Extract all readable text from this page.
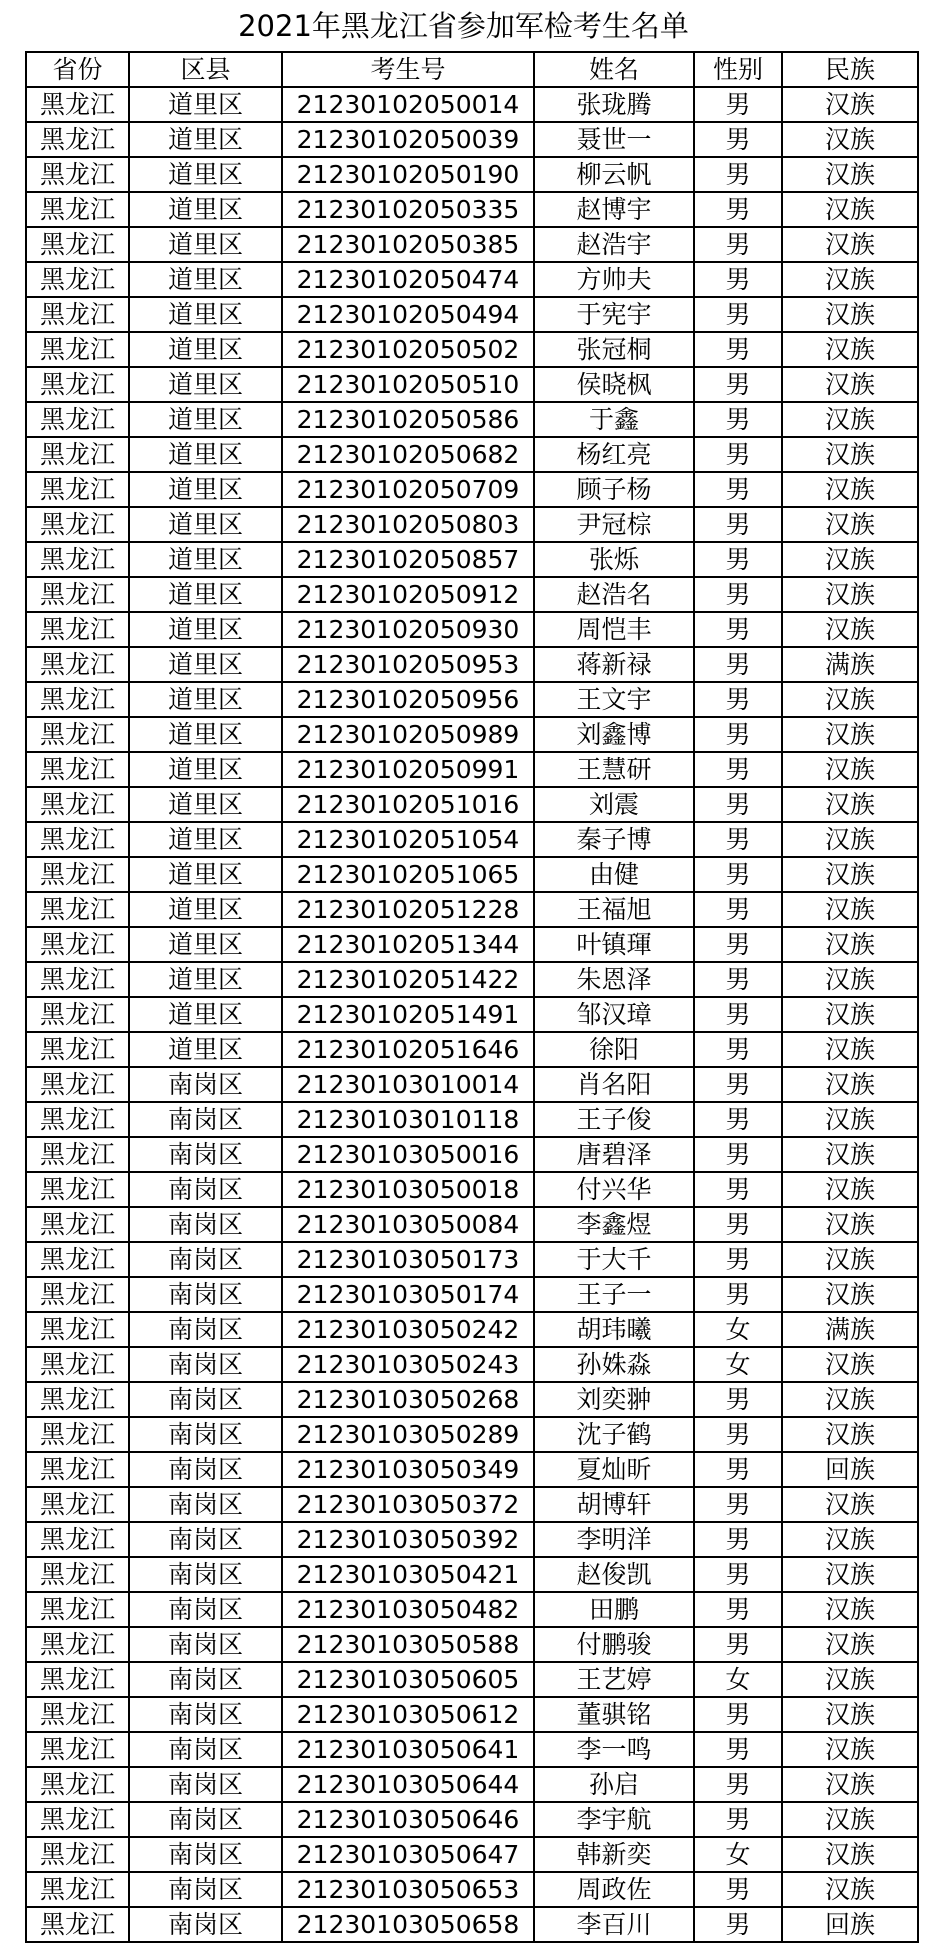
2021年黑龙江省参加军检考生名单
省份	区县	考生号	姓名	性别	民族
黑龙江	道里区	21230102050014	张珑腾	男	汉族
黑龙江	道里区	21230102050039	聂世一	男	汉族
黑龙江	道里区	21230102050190	柳云帆	男	汉族
黑龙江	道里区	21230102050335	赵博宇	男	汉族
黑龙江	道里区	21230102050385	赵浩宇	男	汉族
黑龙江	道里区	21230102050474	方帅夫	男	汉族
黑龙江	道里区	21230102050494	于宪宇	男	汉族
黑龙江	道里区	21230102050502	张冠桐	男	汉族
黑龙江	道里区	21230102050510	侯晓枫	男	汉族
黑龙江	道里区	21230102050586	于鑫	男	汉族
黑龙江	道里区	21230102050682	杨红亮	男	汉族
黑龙江	道里区	21230102050709	顾子杨	男	汉族
黑龙江	道里区	21230102050803	尹冠棕	男	汉族
黑龙江	道里区	21230102050857	张烁	男	汉族
黑龙江	道里区	21230102050912	赵浩名	男	汉族
黑龙江	道里区	21230102050930	周恺丰	男	汉族
黑龙江	道里区	21230102050953	蒋新禄	男	满族
黑龙江	道里区	21230102050956	王文宇	男	汉族
黑龙江	道里区	21230102050989	刘鑫博	男	汉族
黑龙江	道里区	21230102050991	王慧研	男	汉族
黑龙江	道里区	21230102051016	刘震	男	汉族
黑龙江	道里区	21230102051054	秦子博	男	汉族
黑龙江	道里区	21230102051065	由健	男	汉族
黑龙江	道里区	21230102051228	王福旭	男	汉族
黑龙江	道里区	21230102051344	叶镇琿	男	汉族
黑龙江	道里区	21230102051422	朱恩泽	男	汉族
黑龙江	道里区	21230102051491	邹汉璋	男	汉族
黑龙江	道里区	21230102051646	徐阳	男	汉族
黑龙江	南岗区	21230103010014	肖名阳	男	汉族
黑龙江	南岗区	21230103010118	王子俊	男	汉族
黑龙江	南岗区	21230103050016	唐碧泽	男	汉族
黑龙江	南岗区	21230103050018	付兴华	男	汉族
黑龙江	南岗区	21230103050084	李鑫煜	男	汉族
黑龙江	南岗区	21230103050173	于大千	男	汉族
黑龙江	南岗区	21230103050174	王子一	男	汉族
黑龙江	南岗区	21230103050242	胡玮曦	女	满族
黑龙江	南岗区	21230103050243	孙姝淼	女	汉族
黑龙江	南岗区	21230103050268	刘奕翀	男	汉族
黑龙江	南岗区	21230103050289	沈子鹤	男	汉族
黑龙江	南岗区	21230103050349	夏灿昕	男	回族
黑龙江	南岗区	21230103050372	胡博轩	男	汉族
黑龙江	南岗区	21230103050392	李明洋	男	汉族
黑龙江	南岗区	21230103050421	赵俊凯	男	汉族
黑龙江	南岗区	21230103050482	田鹏	男	汉族
黑龙江	南岗区	21230103050588	付鹏骏	男	汉族
黑龙江	南岗区	21230103050605	王艺婷	女	汉族
黑龙江	南岗区	21230103050612	董骐铭	男	汉族
黑龙江	南岗区	21230103050641	李一鸣	男	汉族
黑龙江	南岗区	21230103050644	孙启	男	汉族
黑龙江	南岗区	21230103050646	李宇航	男	汉族
黑龙江	南岗区	21230103050647	韩新奕	女	汉族
黑龙江	南岗区	21230103050653	周政佐	男	汉族
黑龙江	南岗区	21230103050658	李百川	男	回族
